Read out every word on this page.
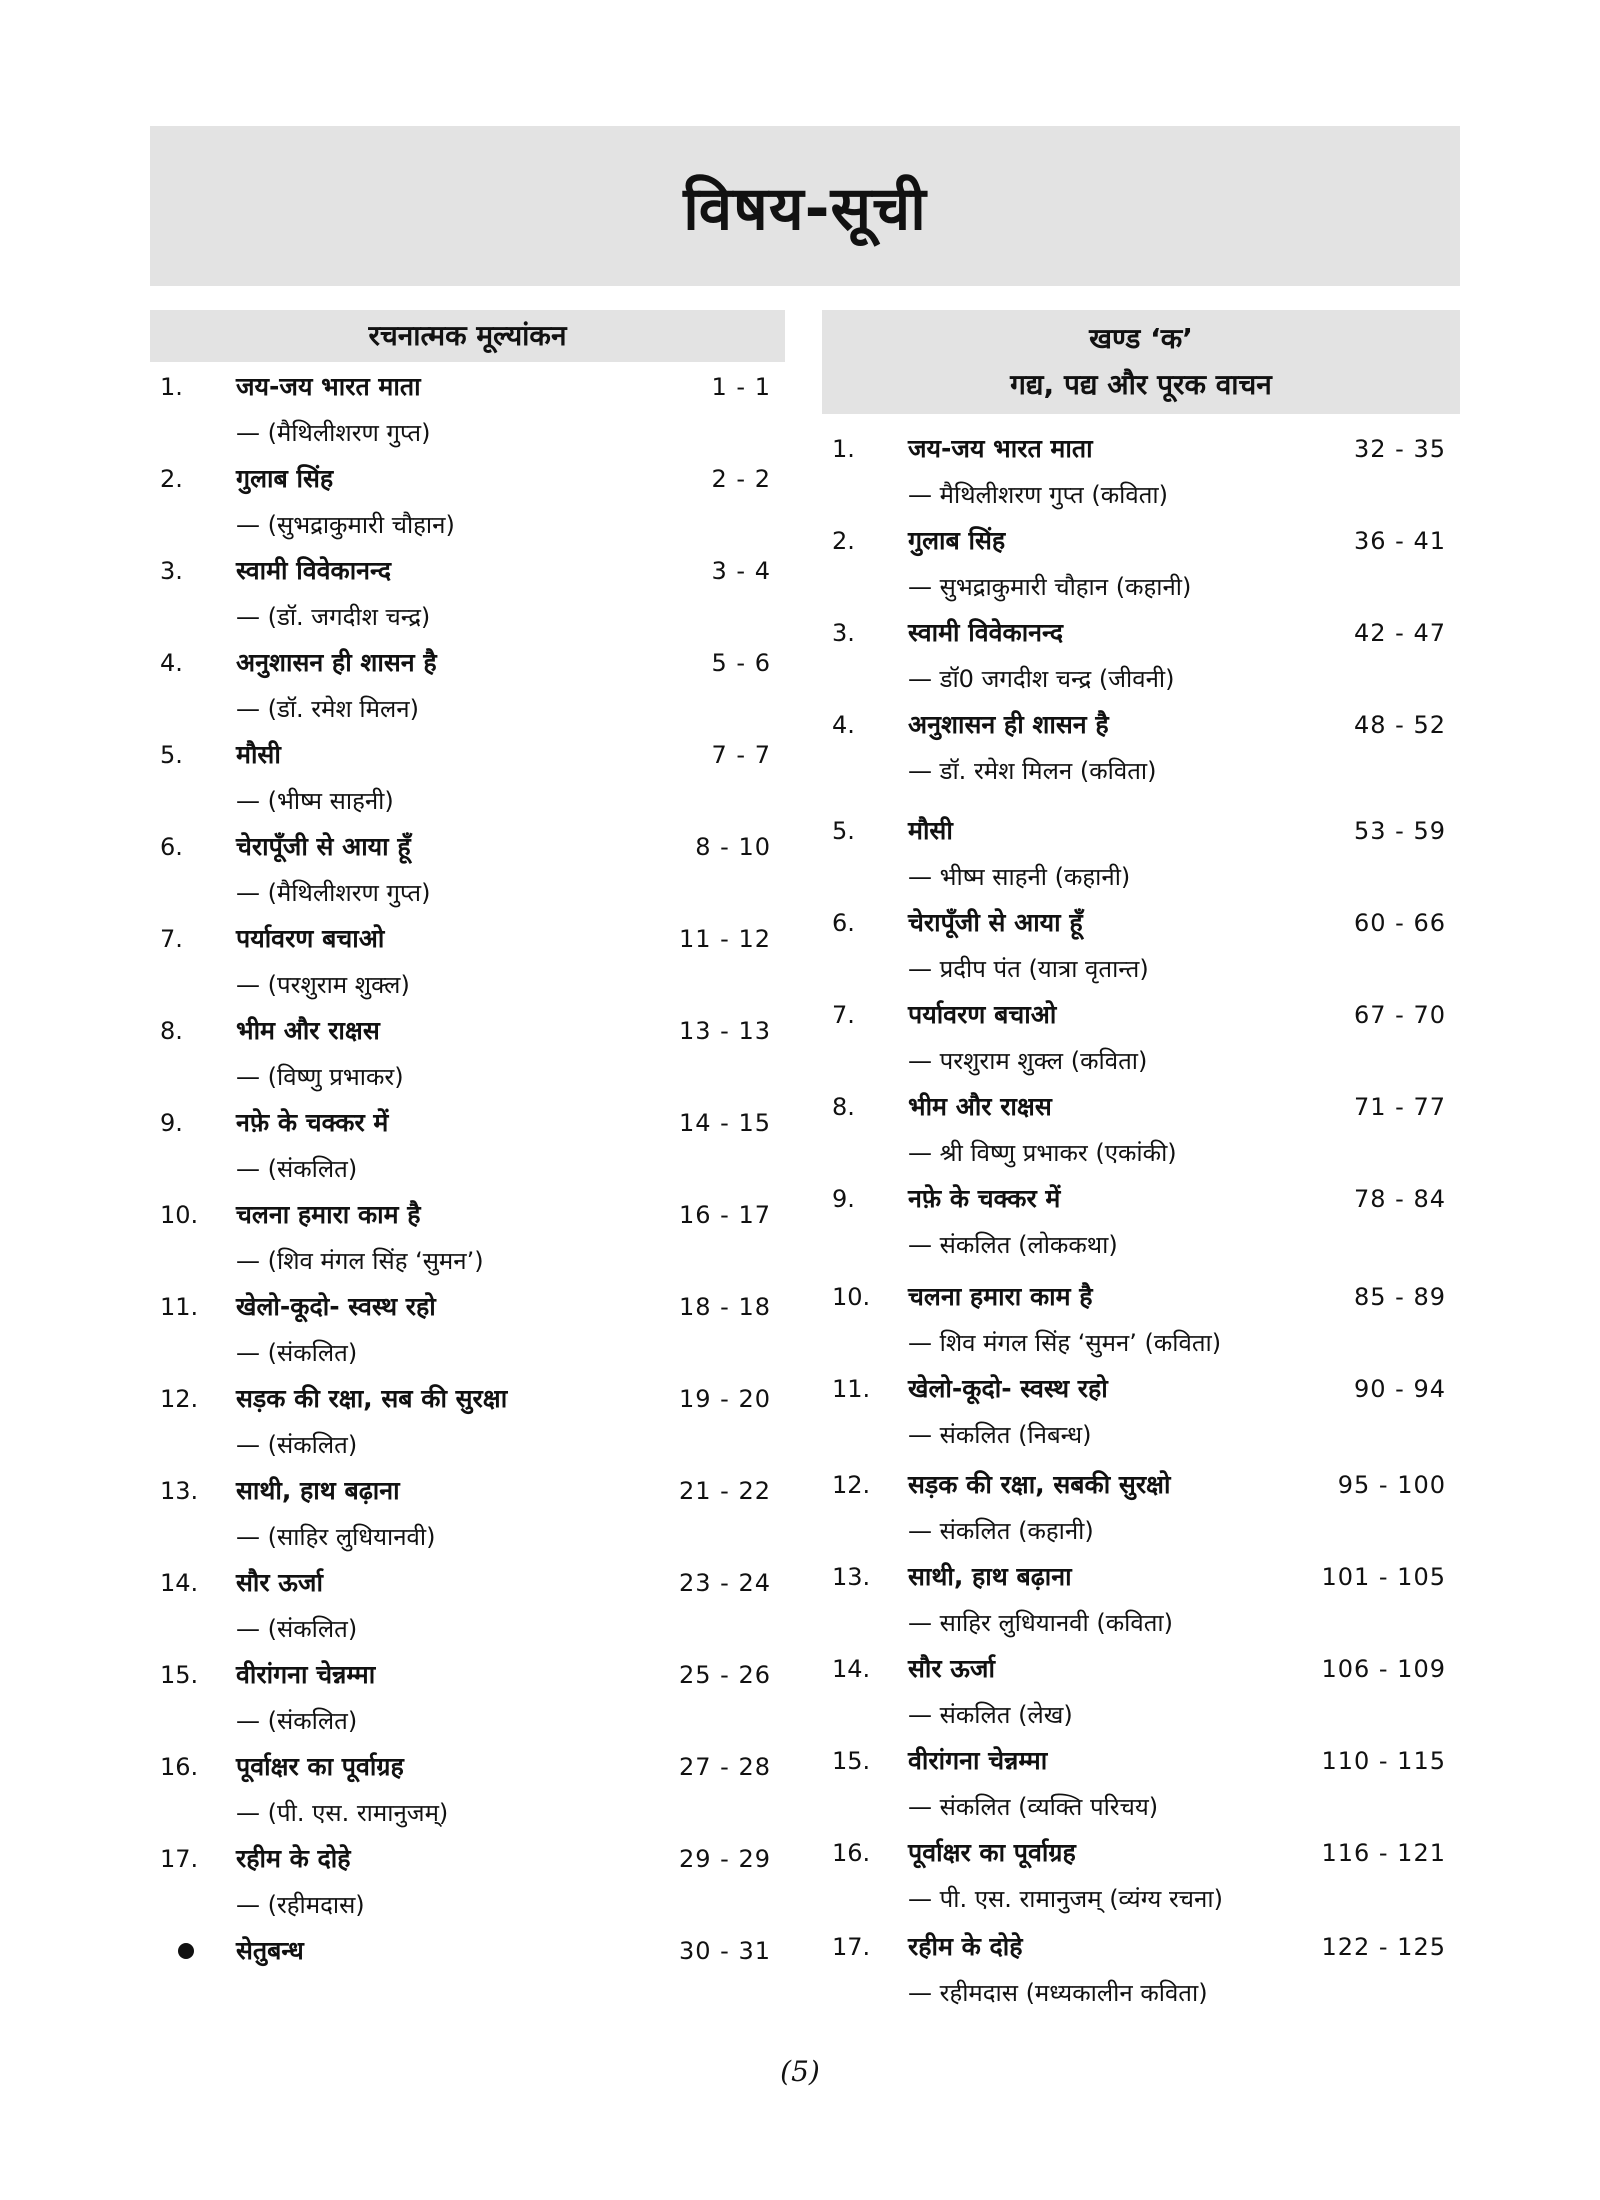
विषय-सूची
रचनात्मक मूल्यांकन
1.	जय-जय भारत माता	1 - 1
— (मैथिलीशरण गुप्त)
2.	गुलाब सिंह	2 - 2
— (सुभद्राकुमारी चौहान)
3.	स्वामी विवेकानन्द	3 - 4
— (डॉ. जगदीश चन्द्र)
4.	अनुशासन ही शासन है	5 - 6
— (डॉ. रमेश मिलन)
5.	मौसी	7 - 7
— (भीष्म साहनी)
6.	चेरापूँजी से आया हूँ	8 - 10
— (मैथिलीशरण गुप्त)
7.	पर्यावरण बचाओ	11 - 12
— (परशुराम शुक्ल)
8.	भीम और राक्षस	13 - 13
— (विष्णु प्रभाकर)
9.	नफ़े के चक्कर में	14 - 15
— (संकलित)
10.	चलना हमारा काम है	16 - 17
— (शिव मंगल सिंह ‘सुमन’)
11.	खेलो-कूदो- स्वस्थ रहो	18 - 18
— (संकलित)
12.	सड़क की रक्षा, सब की सुरक्षा	19 - 20
— (संकलित)
13.	साथी, हाथ बढ़ाना	21 - 22
— (साहिर लुधियानवी)
14.	सौर ऊर्जा	23 - 24
— (संकलित)
15.	वीरांगना चेन्नम्मा	25 - 26
— (संकलित)
16.	पूर्वाक्षर का पूर्वाग्रह	27 - 28
— (पी. एस. रामानुजम्)
17.	रहीम के दोहे	29 - 29
— (रहीमदास)
सेतुबन्ध	30 - 31
खण्ड ‘क’
गद्य, पद्य और पूरक वाचन
1.	जय-जय भारत माता	32 - 35
— मैथिलीशरण गुप्त (कविता)
2.	गुलाब सिंह	36 - 41
— सुभद्राकुमारी चौहान (कहानी)
3.	स्वामी विवेकानन्द	42 - 47
— डॉ0 जगदीश चन्द्र (जीवनी)
4.	अनुशासन ही शासन है	48 - 52
— डॉ. रमेश मिलन (कविता)
5.	मौसी	53 - 59
— भीष्म साहनी (कहानी)
6.	चेरापूँजी से आया हूँ	60 - 66
— प्रदीप पंत (यात्रा वृतान्त)
7.	पर्यावरण बचाओ	67 - 70
— परशुराम शुक्ल (कविता)
8.	भीम और राक्षस	71 - 77
— श्री विष्णु प्रभाकर (एकांकी)
9.	नफ़े के चक्कर में	78 - 84
— संकलित (लोककथा)
10.	चलना हमारा काम है	85 - 89
— शिव मंगल सिंह ‘सुमन’ (कविता)
11.	खेलो-कूदो- स्वस्थ रहो	90 - 94
— संकलित (निबन्ध)
12.	सड़क की रक्षा, सबकी सुरक्षो	95 - 100
— संकलित (कहानी)
13.	साथी, हाथ बढ़ाना	101 - 105
— साहिर लुधियानवी (कविता)
14.	सौर ऊर्जा	106 - 109
— संकलित (लेख)
15.	वीरांगना चेन्नम्मा	110 - 115
— संकलित (व्यक्ति परिचय)
16.	पूर्वाक्षर का पूर्वाग्रह	116 - 121
— पी. एस. रामानुजम् (व्यंग्य रचना)
17.	रहीम के दोहे	122 - 125
— रहीमदास (मध्यकालीन कविता)
(5)
